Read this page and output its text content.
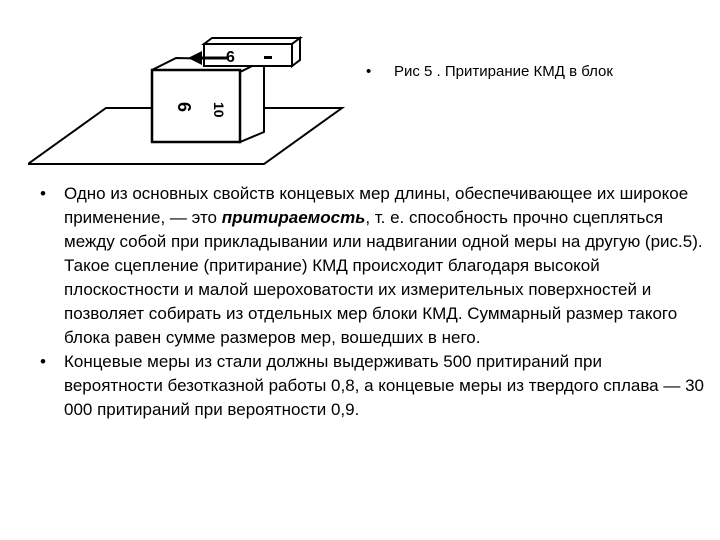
6
6 10
• Рис 5 . Притирание КМД в блок
• Одно из основных свойств концевых мер длины, обеспечивающее их широкое применение, — это притираемость, т. е. способность прочно сцепляться между собой при прикладывании или надвигании одной меры на другую (рис.5). Такое сцепление (притирание) КМД происходит благодаря высокой плоскостности и малой шероховатости их измерительных поверхностей и позволяет собирать из отдельных мер блоки КМД. Суммарный размер такого блока равен сумме размеров мер, вошедших в него.
• Концевые меры из стали должны выдерживать 500 притираний при вероятности безотказной работы 0,8, а концевые меры из твердого сплава — 30 000 притираний при вероятности 0,9.
